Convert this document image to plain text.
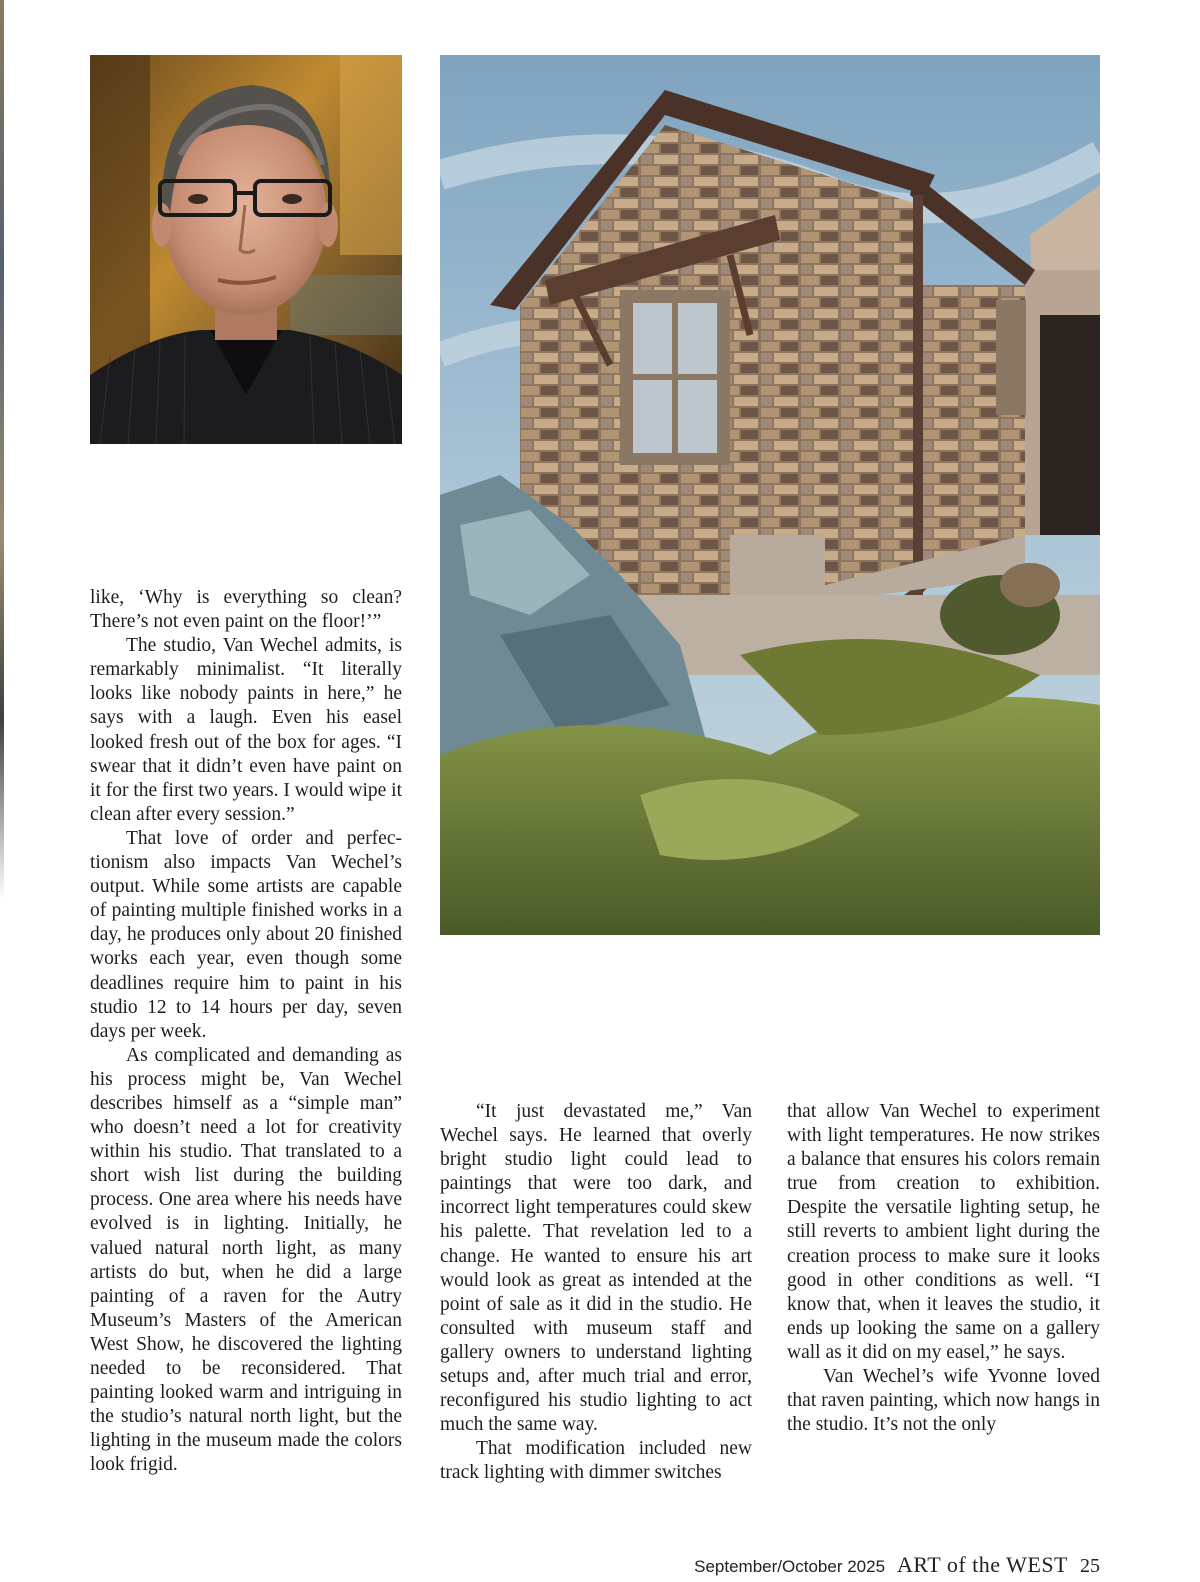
like, ‘Why is everything so clean? There’s not even paint on the floor!’”

The studio, Van Wechel admits, is remarkably minimalist. “It literally looks like nobody paints in here,” he says with a laugh. Even his easel looked fresh out of the box for ages. “I swear that it didn’t even have paint on it for the first two years. I would wipe it clean after every session.”

That love of order and perfectionism also impacts Van Wechel’s output. While some artists are capable of painting multiple finished works in a day, he produces only about 20 finished works each year, even though some deadlines require him to paint in his studio 12 to 14 hours per day, seven days per week.

As complicated and demanding as his process might be, Van Wechel describes himself as a “simple man” who doesn’t need a lot for creativity within his studio. That translated to a short wish list during the building process. One area where his needs have evolved is in lighting. Initially, he valued natural north light, as many artists do but, when he did a large painting of a raven for the Autry Museum’s Masters of the American West Show, he discovered the lighting needed to be reconsidered. That painting looked warm and intriguing in the studio’s natural north light, but the lighting in the museum made the colors look frigid.

“It just devastated me,” Van Wechel says. He learned that overly bright studio light could lead to paintings that were too dark, and incorrect light temperatures could skew his palette. That revelation led to a change. He wanted to ensure his art would look as great as intended at the point of sale as it did in the studio. He consulted with museum staff and gallery owners to understand lighting setups and, after much trial and error, reconfigured his studio lighting to act much the same way.

That modification included new track lighting with dimmer switches

that allow Van Wechel to experiment with light temperatures. He now strikes a balance that ensures his colors remain true from creation to exhibition. Despite the versatile lighting setup, he still reverts to ambient light during the creation process to make sure it looks good in other conditions as well. “I know that, when it leaves the studio, it ends up looking the same on a gallery wall as it did on my easel,” he says.

Van Wechel’s wife Yvonne loved that raven painting, which now hangs in the studio. It’s not the only

September/October 2025 ART of the WEST 25
